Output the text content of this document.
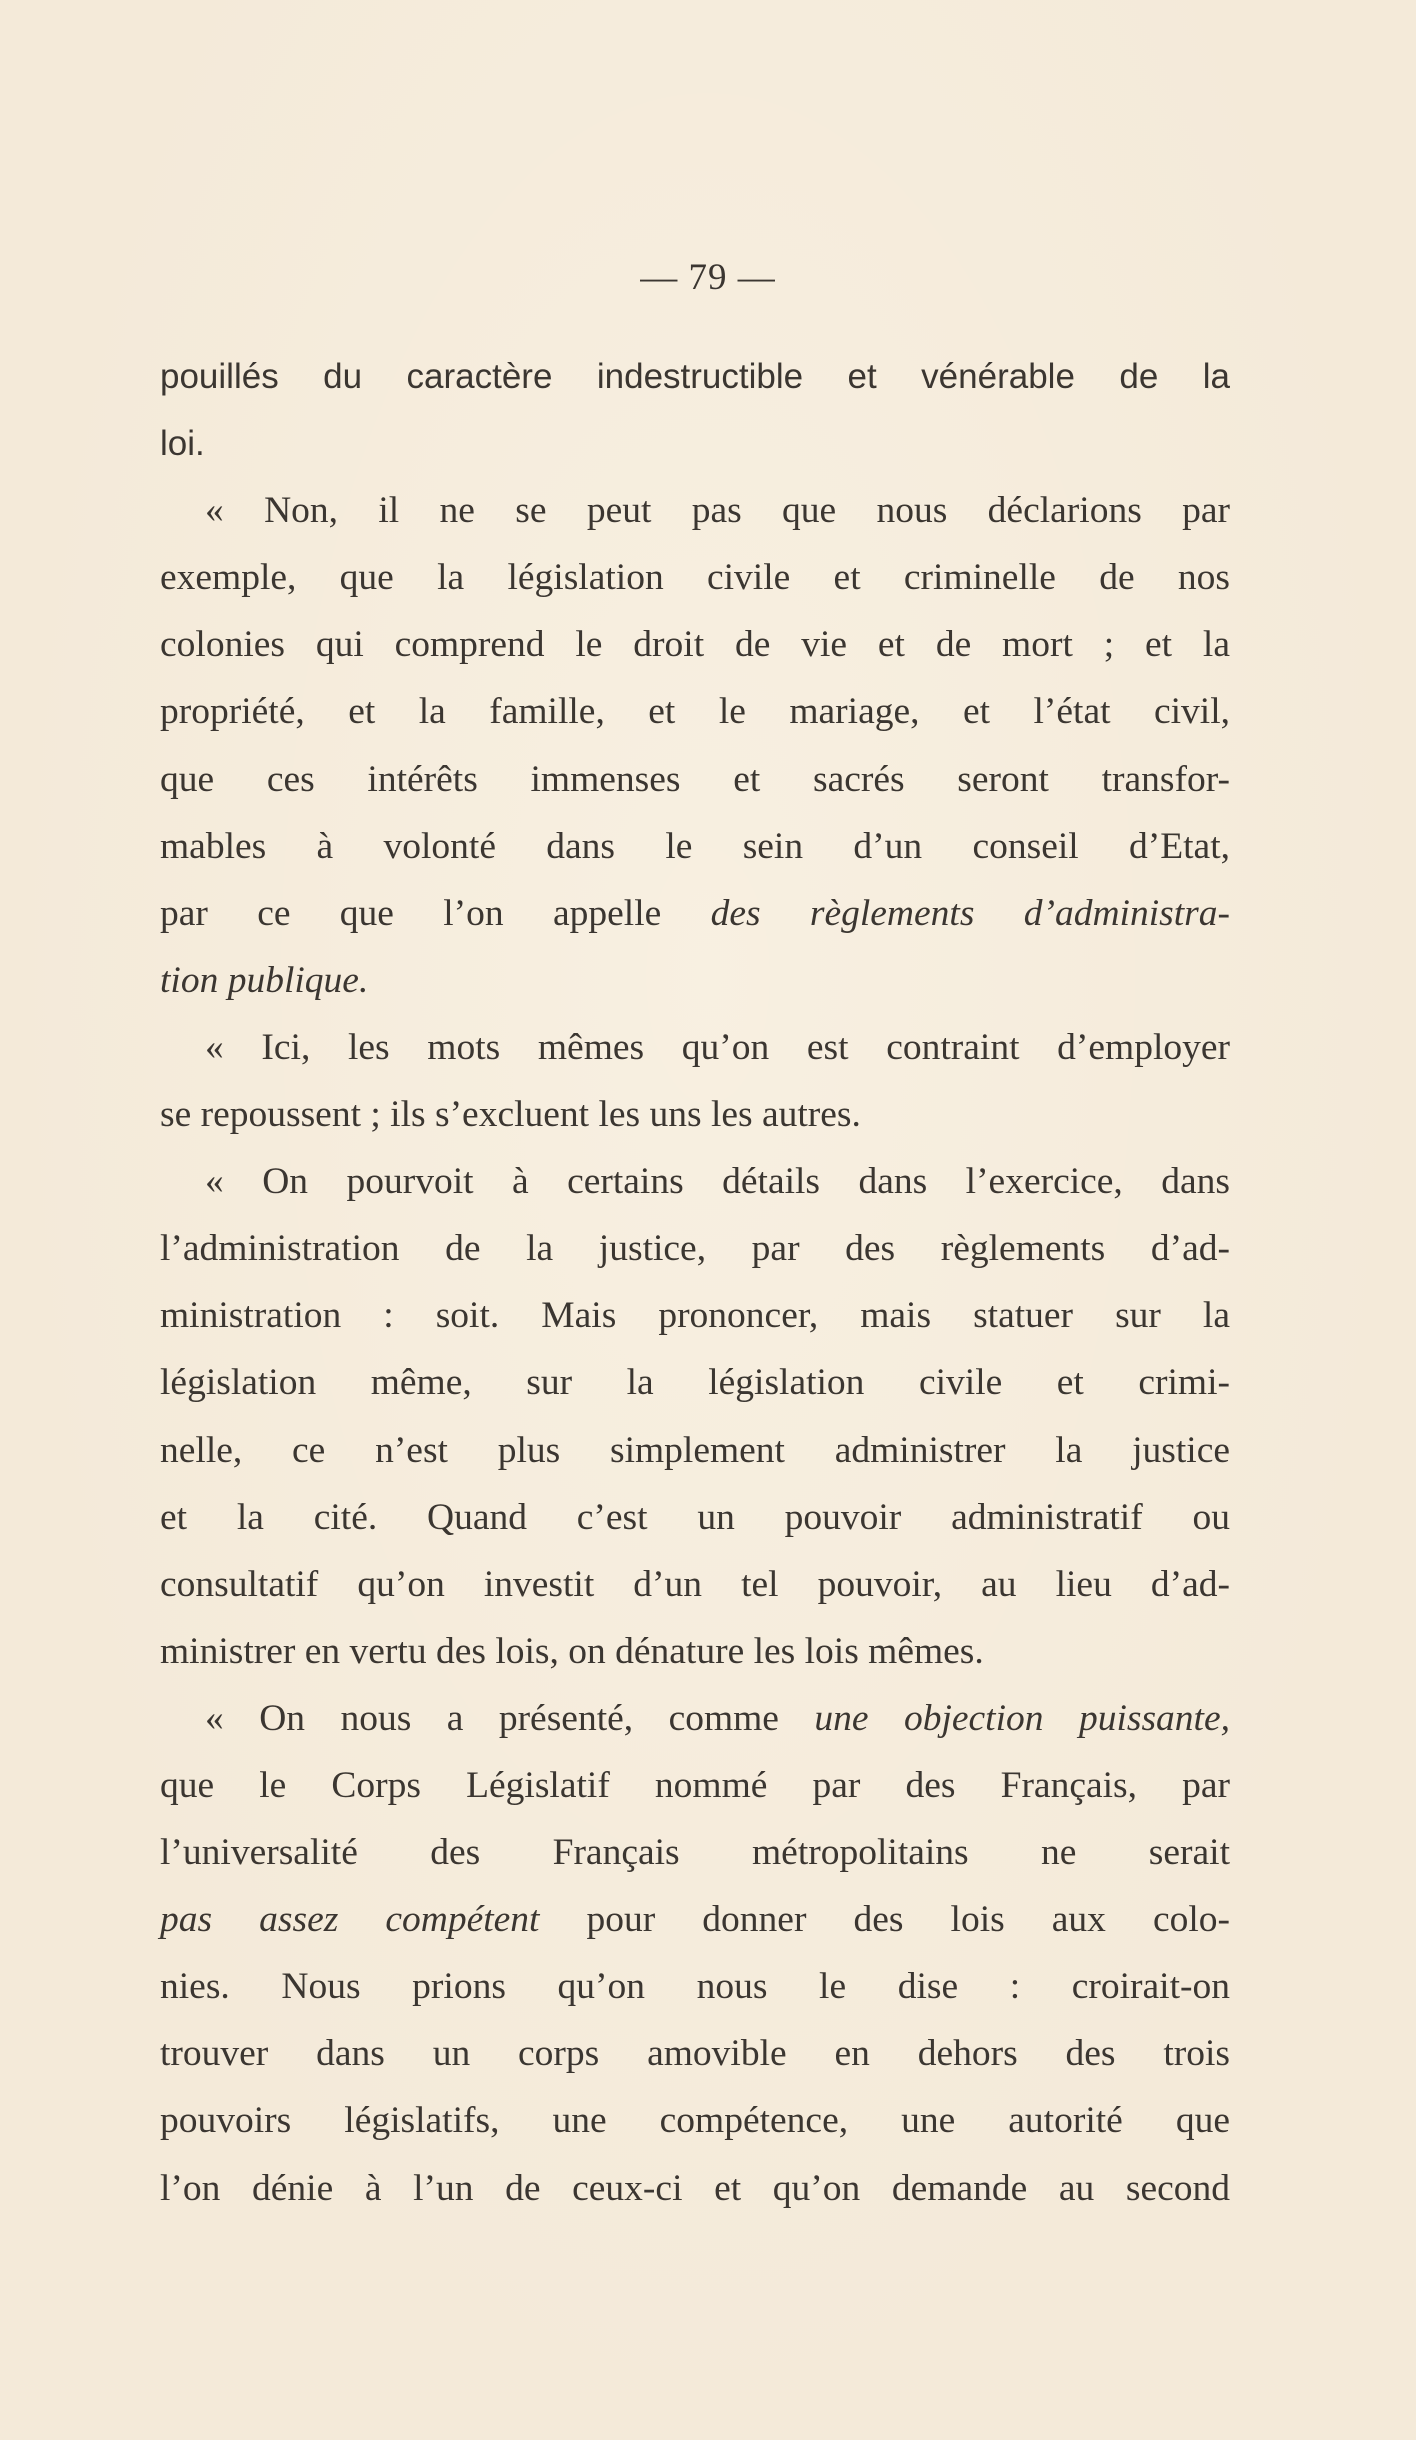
— 79 —
pouillés du caractère indestructible et vénérable de la
loi.
« Non, il ne se peut pas que nous déclarions par
exemple, que la législation civile et criminelle de nos
colonies qui comprend le droit de vie et de mort ; et la
propriété, et la famille, et le mariage, et l’état civil,
que ces intérêts immenses et sacrés seront transfor-
mables à volonté dans le sein d’un conseil d’Etat,
par ce que l’on appelle des règlements d’administra-
tion publique.
« Ici, les mots mêmes qu’on est contraint d’employer
se repoussent ; ils s’excluent les uns les autres.
« On pourvoit à certains détails dans l’exercice, dans
l’administration de la justice, par des règlements d’ad-
ministration : soit. Mais prononcer, mais statuer sur la
législation même, sur la législation civile et crimi-
nelle, ce n’est plus simplement administrer la justice
et la cité. Quand c’est un pouvoir administratif ou
consultatif qu’on investit d’un tel pouvoir, au lieu d’ad-
ministrer en vertu des lois, on dénature les lois mêmes.
« On nous a présenté, comme une objection puissante,
que le Corps Législatif nommé par des Français, par
l’universalité des Français métropolitains ne serait
pas assez compétent pour donner des lois aux colo-
nies. Nous prions qu’on nous le dise : croirait-on
trouver dans un corps amovible en dehors des trois
pouvoirs législatifs, une compétence, une autorité que
l’on dénie à l’un de ceux-ci et qu’on demande au second
